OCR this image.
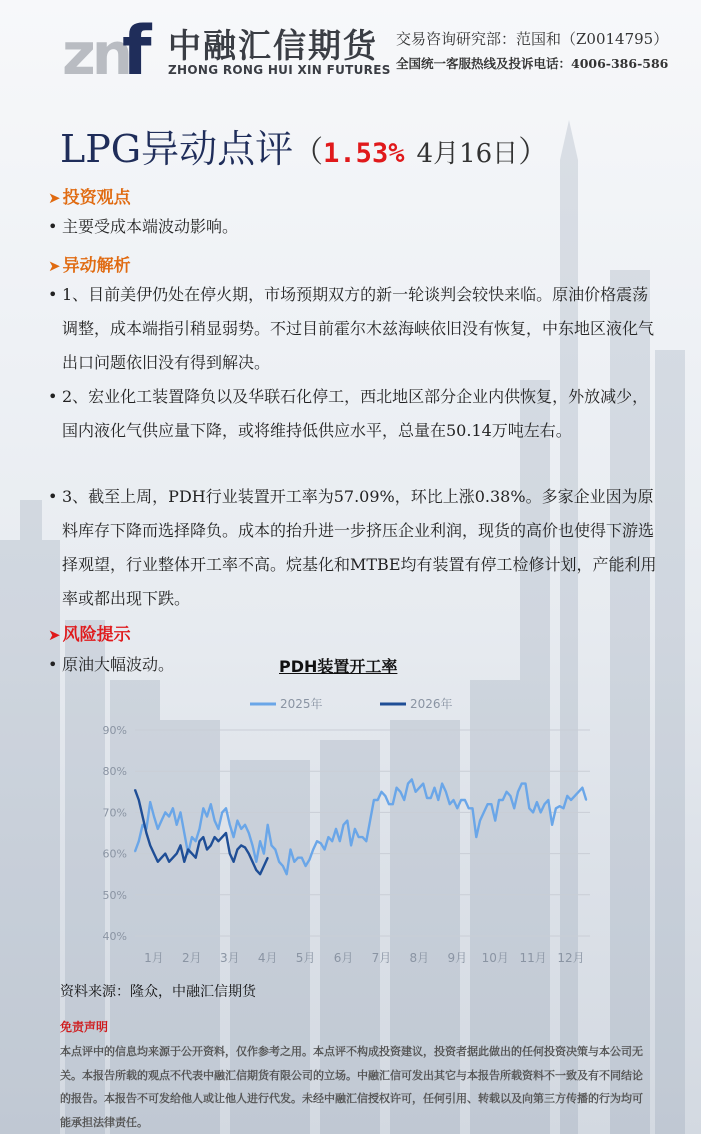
zn
f 中融汇信期货
ZHONG RONG HUI XIN FUTURES
交易咨询研究部：范国和（Z0014795）
全国统一客服热线及投诉电话：4006-386-586
LPG异动点评（1.53% 4月16日）
➤ 投资观点
• 主要受成本端波动影响。
➤ 异动解析
• 1、目前美伊仍处在停火期，市场预期双方的新一轮谈判会较快来临。原油价格震荡调整，成本端指引稍显弱势。不过目前霍尔木兹海峡依旧没有恢复，中东地区液化气出口问题依旧没有得到解决。
• 2、宏业化工装置降负以及华联石化停工，西北地区部分企业内供恢复，外放减少，国内液化气供应量下降，或将维持低供应水平，总量在50.14万吨左右。
• 3、截至上周，PDH行业装置开工率为57.09%，环比上涨0.38%。多家企业因为原料库存下降而选择降负。成本的抬升进一步挤压企业利润，现货的高价也使得下游选择观望，行业整体开工率不高。烷基化和MTBE均有装置有停工检修计划，产能利用率或都出现下跌。
➤ 风险提示
• 原油大幅波动。	PDH装置开工率
40%
50%
60%
70%
80%
90%
1月 2月 3月 4月 5月 6月 7月 8月 9月 10月 11月 12月
2025年	2026年
资料来源：隆众，中融汇信期货
免责声明
本点评中的信息均来源于公开资料，仅作参考之用。本点评不构成投资建议，投资者据此做出的任何投资决策与本公司无关。本报告所载的观点不代表中融汇信期货有限公司的立场。中融汇信可发出其它与本报告所载资料不一致及有不同结论的报告。本报告不可发给他人或让他人进行代发。未经中融汇信授权许可，任何引用、转载以及向第三方传播的行为均可能承担法律责任。
